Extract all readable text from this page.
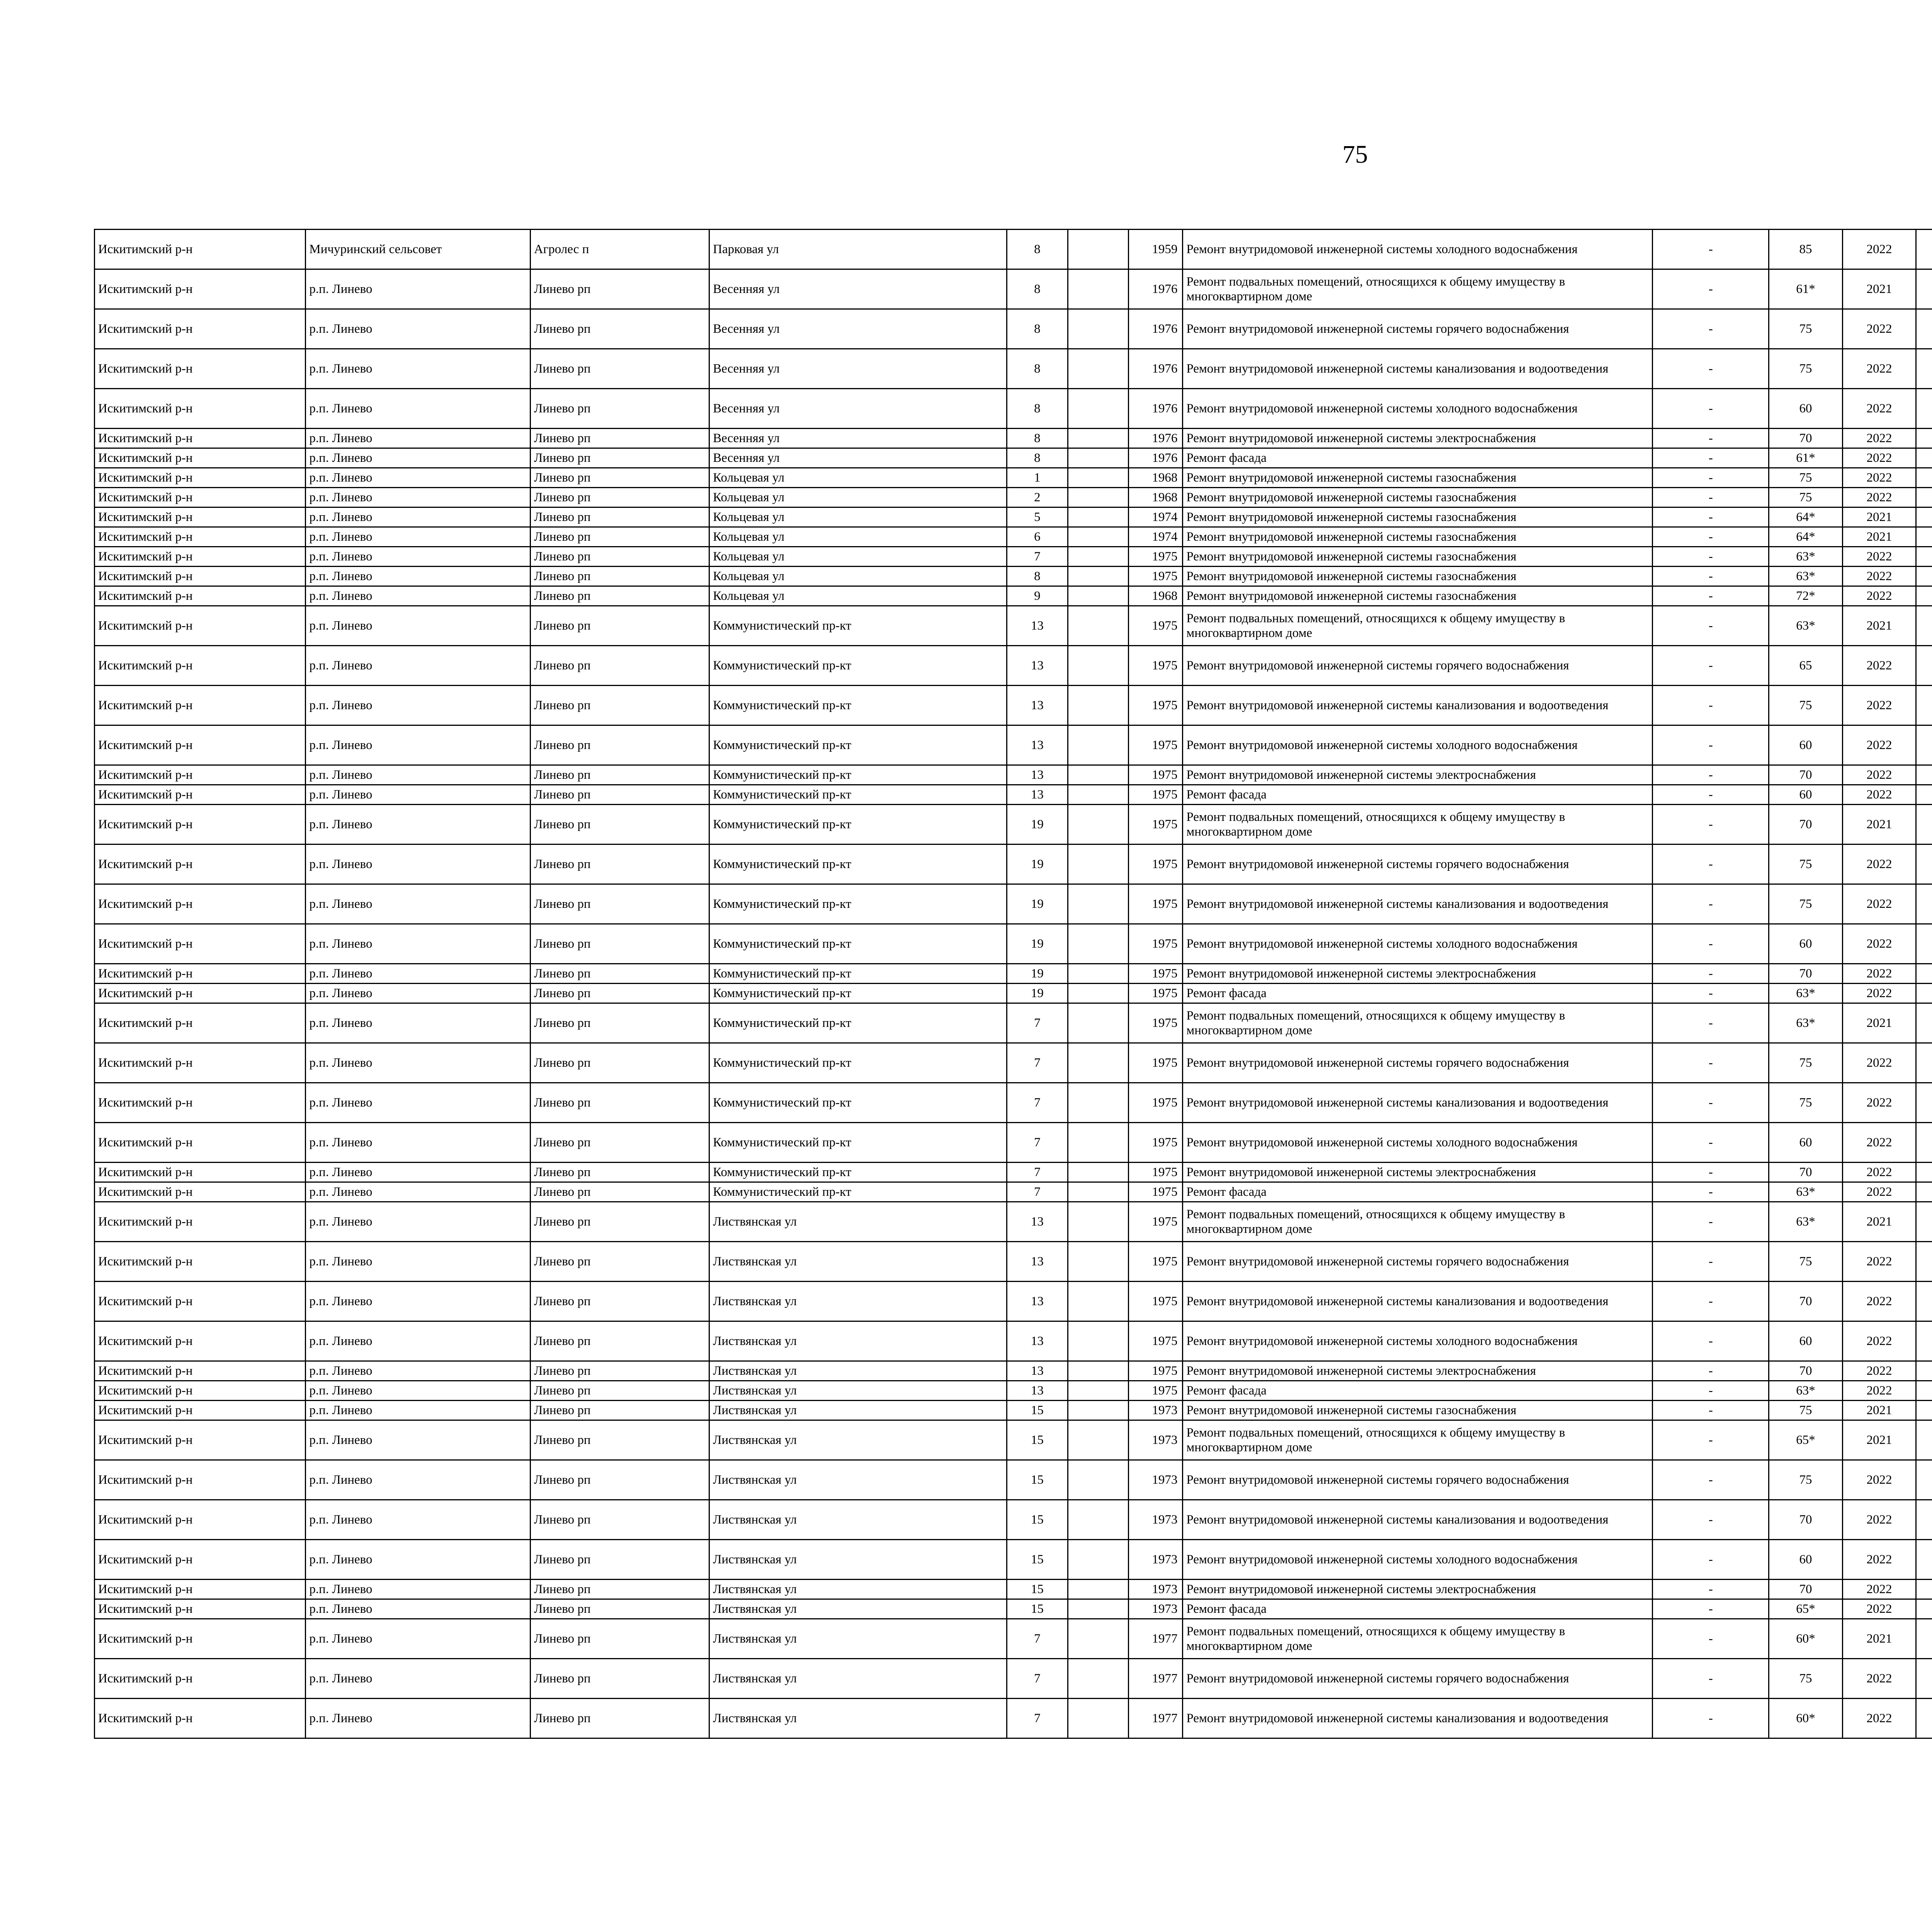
75
Искитимский р-н	Мичуринский сельсовет	Агролес п	Парковая ул	8		1959	Ремонт внутридомовой инженерной системы холодного водоснабжения	-	85	2022						
Искитимский р-н	р.п. Линево	Линево рп	Весенняя ул	8		1976	Ремонт подвальных помещений, относящихся к общему имуществу в многоквартирном доме	-	61*	2021						
Искитимский р-н	р.п. Линево	Линево рп	Весенняя ул	8		1976	Ремонт внутридомовой инженерной системы горячего водоснабжения	-	75	2022						
Искитимский р-н	р.п. Линево	Линево рп	Весенняя ул	8		1976	Ремонт внутридомовой инженерной системы канализования и водоотведения	-	75	2022						
Искитимский р-н	р.п. Линево	Линево рп	Весенняя ул	8		1976	Ремонт внутридомовой инженерной системы холодного водоснабжения	-	60	2022						
Искитимский р-н	р.п. Линево	Линево рп	Весенняя ул	8		1976	Ремонт внутридомовой инженерной системы электроснабжения	-	70	2022						
Искитимский р-н	р.п. Линево	Линево рп	Весенняя ул	8		1976	Ремонт фасада	-	61*	2022						
Искитимский р-н	р.п. Линево	Линево рп	Кольцевая ул	1		1968	Ремонт внутридомовой инженерной системы газоснабжения	-	75	2022						
Искитимский р-н	р.п. Линево	Линево рп	Кольцевая ул	2		1968	Ремонт внутридомовой инженерной системы газоснабжения	-	75	2022						
Искитимский р-н	р.п. Линево	Линево рп	Кольцевая ул	5		1974	Ремонт внутридомовой инженерной системы газоснабжения	-	64*	2021						
Искитимский р-н	р.п. Линево	Линево рп	Кольцевая ул	6		1974	Ремонт внутридомовой инженерной системы газоснабжения	-	64*	2021						
Искитимский р-н	р.п. Линево	Линево рп	Кольцевая ул	7		1975	Ремонт внутридомовой инженерной системы газоснабжения	-	63*	2022						
Искитимский р-н	р.п. Линево	Линево рп	Кольцевая ул	8		1975	Ремонт внутридомовой инженерной системы газоснабжения	-	63*	2022						
Искитимский р-н	р.п. Линево	Линево рп	Кольцевая ул	9		1968	Ремонт внутридомовой инженерной системы газоснабжения	-	72*	2022						
Искитимский р-н	р.п. Линево	Линево рп	Коммунистический пр-кт	13		1975	Ремонт подвальных помещений, относящихся к общему имуществу в многоквартирном доме	-	63*	2021						
Искитимский р-н	р.п. Линево	Линево рп	Коммунистический пр-кт	13		1975	Ремонт внутридомовой инженерной системы горячего водоснабжения	-	65	2022						
Искитимский р-н	р.п. Линево	Линево рп	Коммунистический пр-кт	13		1975	Ремонт внутридомовой инженерной системы канализования и водоотведения	-	75	2022						
Искитимский р-н	р.п. Линево	Линево рп	Коммунистический пр-кт	13		1975	Ремонт внутридомовой инженерной системы холодного водоснабжения	-	60	2022						
Искитимский р-н	р.п. Линево	Линево рп	Коммунистический пр-кт	13		1975	Ремонт внутридомовой инженерной системы электроснабжения	-	70	2022						
Искитимский р-н	р.п. Линево	Линево рп	Коммунистический пр-кт	13		1975	Ремонт фасада	-	60	2022						
Искитимский р-н	р.п. Линево	Линево рп	Коммунистический пр-кт	19		1975	Ремонт подвальных помещений, относящихся к общему имуществу в многоквартирном доме	-	70	2021						
Искитимский р-н	р.п. Линево	Линево рп	Коммунистический пр-кт	19		1975	Ремонт внутридомовой инженерной системы горячего водоснабжения	-	75	2022						
Искитимский р-н	р.п. Линево	Линево рп	Коммунистический пр-кт	19		1975	Ремонт внутридомовой инженерной системы канализования и водоотведения	-	75	2022						
Искитимский р-н	р.п. Линево	Линево рп	Коммунистический пр-кт	19		1975	Ремонт внутридомовой инженерной системы холодного водоснабжения	-	60	2022						
Искитимский р-н	р.п. Линево	Линево рп	Коммунистический пр-кт	19		1975	Ремонт внутридомовой инженерной системы электроснабжения	-	70	2022						
Искитимский р-н	р.п. Линево	Линево рп	Коммунистический пр-кт	19		1975	Ремонт фасада	-	63*	2022						
Искитимский р-н	р.п. Линево	Линево рп	Коммунистический пр-кт	7		1975	Ремонт подвальных помещений, относящихся к общему имуществу в многоквартирном доме	-	63*	2021						
Искитимский р-н	р.п. Линево	Линево рп	Коммунистический пр-кт	7		1975	Ремонт внутридомовой инженерной системы горячего водоснабжения	-	75	2022						
Искитимский р-н	р.п. Линево	Линево рп	Коммунистический пр-кт	7		1975	Ремонт внутридомовой инженерной системы канализования и водоотведения	-	75	2022						
Искитимский р-н	р.п. Линево	Линево рп	Коммунистический пр-кт	7		1975	Ремонт внутридомовой инженерной системы холодного водоснабжения	-	60	2022						
Искитимский р-н	р.п. Линево	Линево рп	Коммунистический пр-кт	7		1975	Ремонт внутридомовой инженерной системы электроснабжения	-	70	2022						
Искитимский р-н	р.п. Линево	Линево рп	Коммунистический пр-кт	7		1975	Ремонт фасада	-	63*	2022						
Искитимский р-н	р.п. Линево	Линево рп	Листвянская ул	13		1975	Ремонт подвальных помещений, относящихся к общему имуществу в многоквартирном доме	-	63*	2021						
Искитимский р-н	р.п. Линево	Линево рп	Листвянская ул	13		1975	Ремонт внутридомовой инженерной системы горячего водоснабжения	-	75	2022						
Искитимский р-н	р.п. Линево	Линево рп	Листвянская ул	13		1975	Ремонт внутридомовой инженерной системы канализования и водоотведения	-	70	2022						
Искитимский р-н	р.п. Линево	Линево рп	Листвянская ул	13		1975	Ремонт внутридомовой инженерной системы холодного водоснабжения	-	60	2022						
Искитимский р-н	р.п. Линево	Линево рп	Листвянская ул	13		1975	Ремонт внутридомовой инженерной системы электроснабжения	-	70	2022						
Искитимский р-н	р.п. Линево	Линево рп	Листвянская ул	13		1975	Ремонт фасада	-	63*	2022						
Искитимский р-н	р.п. Линево	Линево рп	Листвянская ул	15		1973	Ремонт внутридомовой инженерной системы газоснабжения	-	75	2021						
Искитимский р-н	р.п. Линево	Линево рп	Листвянская ул	15		1973	Ремонт подвальных помещений, относящихся к общему имуществу в многоквартирном доме	-	65*	2021						
Искитимский р-н	р.п. Линево	Линево рп	Листвянская ул	15		1973	Ремонт внутридомовой инженерной системы горячего водоснабжения	-	75	2022						
Искитимский р-н	р.п. Линево	Линево рп	Листвянская ул	15		1973	Ремонт внутридомовой инженерной системы канализования и водоотведения	-	70	2022						
Искитимский р-н	р.п. Линево	Линево рп	Листвянская ул	15		1973	Ремонт внутридомовой инженерной системы холодного водоснабжения	-	60	2022						
Искитимский р-н	р.п. Линево	Линево рп	Листвянская ул	15		1973	Ремонт внутридомовой инженерной системы электроснабжения	-	70	2022						
Искитимский р-н	р.п. Линево	Линево рп	Листвянская ул	15		1973	Ремонт фасада	-	65*	2022						
Искитимский р-н	р.п. Линево	Линево рп	Листвянская ул	7		1977	Ремонт подвальных помещений, относящихся к общему имуществу в многоквартирном доме	-	60*	2021						
Искитимский р-н	р.п. Линево	Линево рп	Листвянская ул	7		1977	Ремонт внутридомовой инженерной системы горячего водоснабжения	-	75	2022						
Искитимский р-н	р.п. Линево	Линево рп	Листвянская ул	7		1977	Ремонт внутридомовой инженерной системы канализования и водоотведения	-	60*	2022						
